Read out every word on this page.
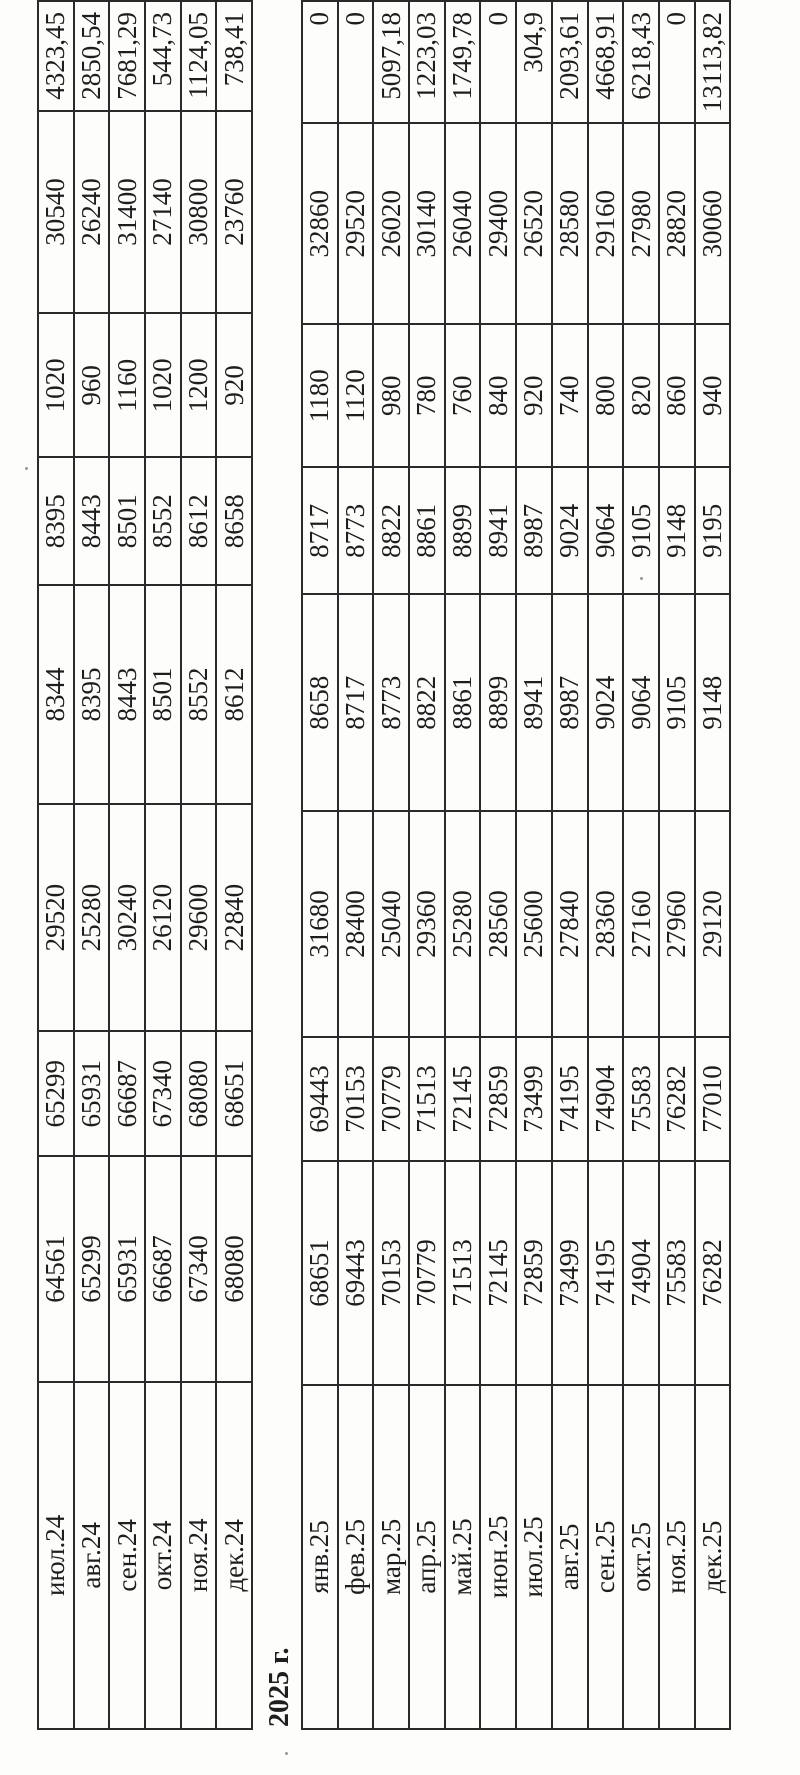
июл.24	64561	65299	29520	8344	8395	1020	30540	4323,45
авг.24	65299	65931	25280	8395	8443	960	26240	2850,54
сен.24	65931	66687	30240	8443	8501	1160	31400	7681,29
окт.24	66687	67340	26120	8501	8552	1020	27140	544,73
ноя.24	67340	68080	29600	8552	8612	1200	30800	1124,05
дек.24	68080	68651	22840	8612	8658	920	23760	738,41
2025 г.
янв.25	68651	69443	31680	8658	8717	1180	32860	0
фев.25	69443	70153	28400	8717	8773	1120	29520	0
мар.25	70153	70779	25040	8773	8822	980	26020	5097,18
апр.25	70779	71513	29360	8822	8861	780	30140	1223,03
май.25	71513	72145	25280	8861	8899	760	26040	1749,78
июн.25	72145	72859	28560	8899	8941	840	29400	0
июл.25	72859	73499	25600	8941	8987	920	26520	304,9
авг.25	73499	74195	27840	8987	9024	740	28580	2093,61
сен.25	74195	74904	28360	9024	9064	800	29160	4668,91
окт.25	74904	75583	27160	9064	9105	820	27980	6218,43
ноя.25	75583	76282	27960	9105	9148	860	28820	0
дек.25	76282	77010	29120	9148	9195	940	30060	13113,82
